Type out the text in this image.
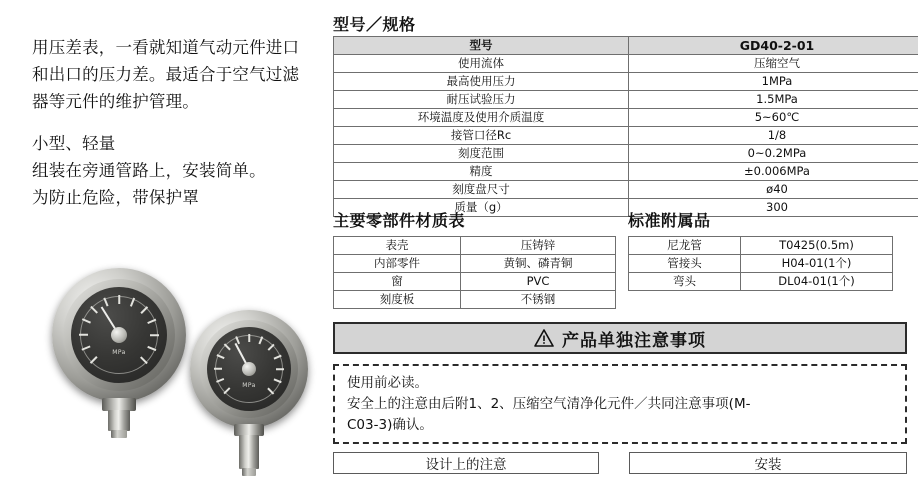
用压差表，一看就知道气动元件进口
和出口的压力差。最适合于空气过滤
器等元件的维护管理。
小型、轻量
组装在旁通管路上，安装简单。
为防止危险，带保护罩
MPa
MPa
型号／规格
型号	GD40-2-01
使用流体	压缩空气
最高使用压力	1MPa
耐压试验压力	1.5MPa
环境温度及使用介质温度	5~60℃
接管口径Rc	1/8
刻度范围	0~0.2MPa
精度	±0.006MPa
刻度盘尺寸	ø40
质量（g）	300
主要零部件材质表
表壳	压铸锌
内部零件	黄铜、磷青铜
窗	PVC
刻度板	不锈钢
标准附属品
尼龙管	T0425(0.5m)
管接头	H04-01(1个)
弯头	DL04-01(1个)
产品单独注意事项
使用前必读。
安全上的注意由后附1、2、压缩空气清净化元件／共同注意事项(M-
C03-3)确认。
设计上的注意	安装
